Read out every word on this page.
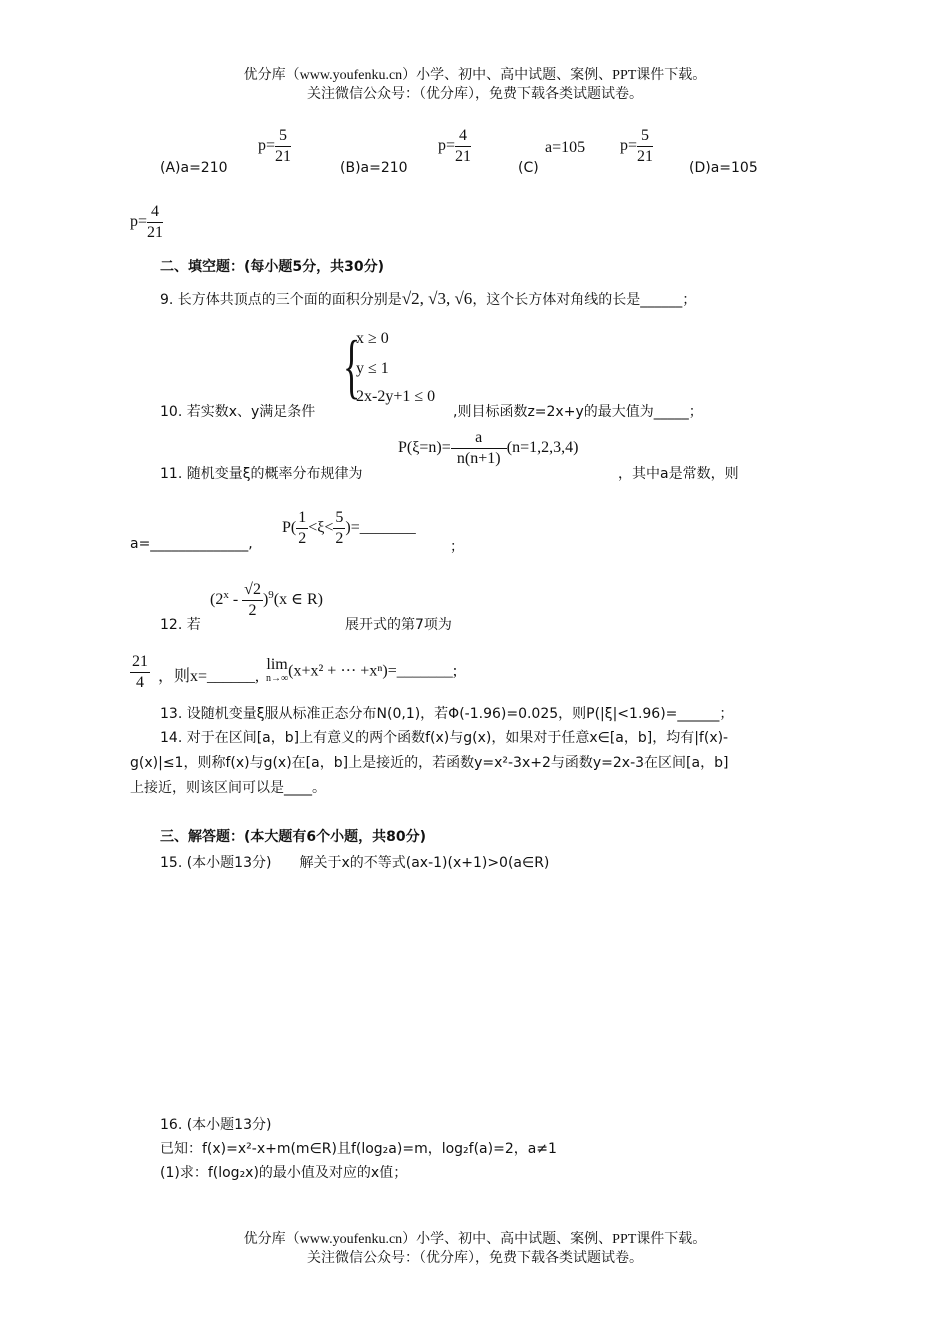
优分库（www.youfenku.cn）小学、初中、高中试题、案例、PPT课件下载。
关注微信公众号：（优分库），免费下载各类试题试卷。
(A)a=210
$p= \frac{5}{21}$
(B)a=210
$p= \frac{4}{21}$
(C)
a=105 $p= \frac{5}{21}$
(D)a=105
$p= \frac{4}{21}$
二、填空题：(每小题5分，共30分)
9. 长方体共顶点的三个面的面积分别是√2, √3, √6，这个长方体对角线的长是______；
{
x ≥ 0
y ≤ 1
2x-2y+1 ≤ 0
10. 若实数x、y满足条件	,则目标函数z=2x+y的最大值为_____；
$P(\xi=n)= \frac{a}{n(n+1)} (n=1,2,3,4)$
11. 随机变量ξ的概率分布规律为	，其中a是常数，则
a=______________,
$P( \frac{1}{2} <\xi< \frac{5}{2}$ )=_______
；
$(2^x - \frac{√2}{2} )^9(x$ ∈ R)
12. 若	展开式的第7项为
$\frac{21}{4}$ ，则x=______,
lim
n→∞ (x+x² + ··· +xⁿ)=_______;
13. 设随机变量ξ服从标准正态分布N(0,1)，若Φ(-1.96)=0.025，则P(|ξ|<1.96)=______；
14. 对于在区间[a，b]上有意义的两个函数f(x)与g(x)，如果对于任意x∈[a，b]，均有|f(x)-
g(x)|≤1，则称f(x)与g(x)在[a，b]上是接近的，若函数y=x²-3x+2与函数y=2x-3在区间[a，b]
上接近，则该区间可以是____。
三、解答题：(本大题有6个小题，共80分)
15. (本小题13分)　　解关于x的不等式(ax-1)(x+1)>0(a∈R)
16. (本小题13分)
已知：f(x)=x²-x+m(m∈R)且f(log₂a)=m，log₂f(a)=2，a≠1
(1)求：f(log₂x)的最小值及对应的x值；
优分库（www.youfenku.cn）小学、初中、高中试题、案例、PPT课件下载。
关注微信公众号：（优分库），免费下载各类试题试卷。
